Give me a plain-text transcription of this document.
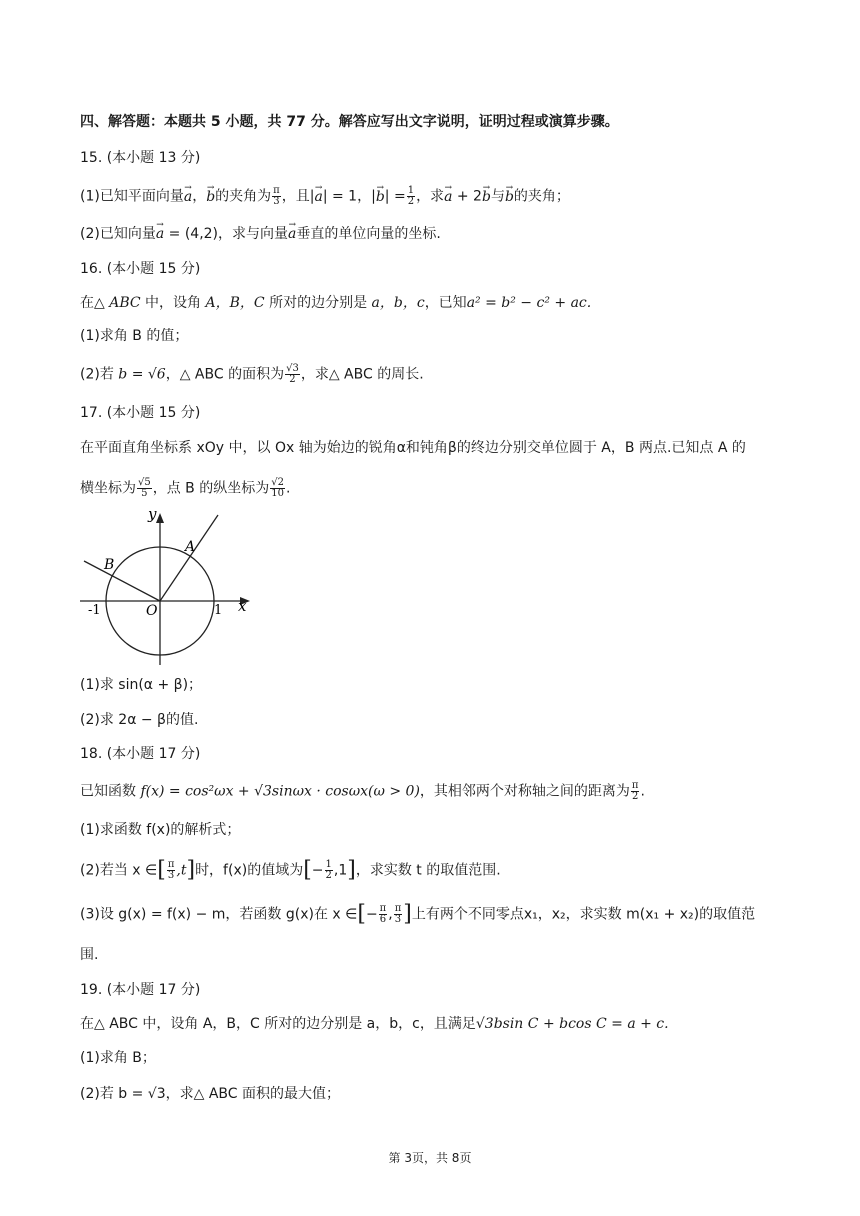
四、解答题：本题共 5 小题，共 77 分。解答应写出文字说明，证明过程或演算步骤。
15. (本小题 13 分)
(1)已知平面向量→ a，→ b的夹角为 $\frac{\pi}{3}$ ，且|→ a| = 1，|→ $b| = \frac{1}{2}$ ，求→ a + 2→ b与→ b的夹角；
(2)已知向量→ a = (4,2)，求与向量→ a垂直的单位向量的坐标.
16. (本小题 15 分)
在△ ABC 中，设角 A，B，C 所对的边分别是 a，b，c，已知a² = b² − c² + ac.
(1)求角 B 的值；
(2)若 b = √6，△ ABC 的面积为 $\frac{√3}{2}$ ，求△ ABC 的周长.
17. (本小题 15 分)
在平面直角坐标系 xOy 中，以 Ox 轴为始边的锐角α和钝角β的终边分别交单位圆于 A，B 两点.已知点 A 的
横坐标为 $\frac{√5}{5}$ ，点 B 的纵坐标为 $\frac{√2}{10}$ .
y
x
O
-1	1
A
B
(1)求 sin(α + β)；
(2)求 2α − β的值.
18. (本小题 17 分)
已知函数 f(x) = cos²ωx + √3sinωx · cosωx(ω > 0)，其相邻两个对称轴之间的距离为 $\frac{\pi}{2}$ .
(1)求函数 f(x)的解析式；
(2)若当 x ∈[ $\frac{\pi}{3} ,t$]时，f(x)的值域为[− $\frac{1}{2} ,1$]，求实数 t 的取值范围.
(3)设 g(x) = f(x) − m，若函数 g(x)在 x ∈[− $\frac{\pi}{6}$ , $\frac{\pi}{3}$ ]上有两个不同零点x₁，x₂，求实数 m(x₁ + x₂)的取值范
围.
19. (本小题 17 分)
在△ ABC 中，设角 A，B，C 所对的边分别是 a，b，c，且满足√3bsin C + bcos C = a + c.
(1)求角 B；
(2)若 b = √3，求△ ABC 面积的最大值；
第 3页，共 8页
